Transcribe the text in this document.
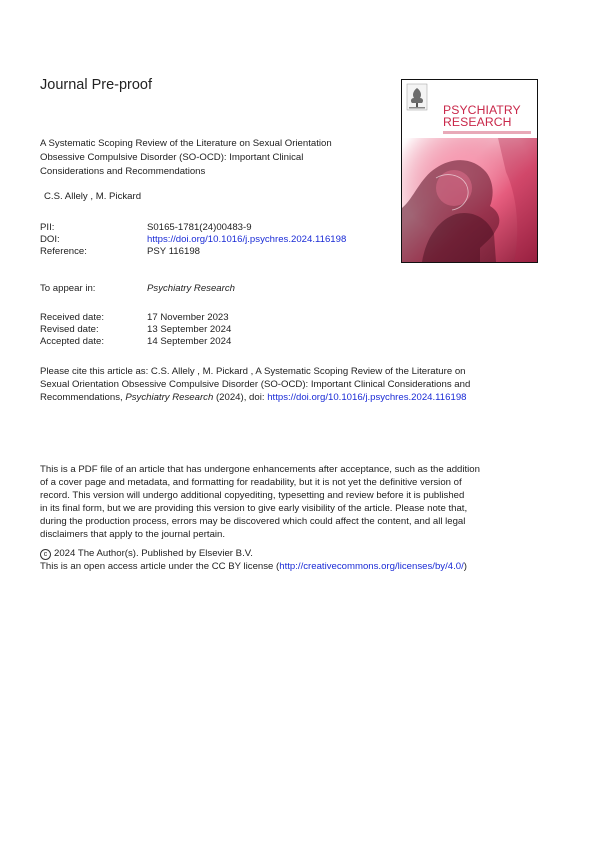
Journal Pre-proof
A Systematic Scoping Review of the Literature on Sexual Orientation
Obsessive Compulsive Disorder (SO-OCD): Important Clinical
Considerations and Recommendations
C.S. Allely , M. Pickard
PII:	S0165-1781(24)00483-9
DOI:	https://doi.org/10.1016/j.psychres.2024.116198
Reference:	PSY 116198
To appear in:	Psychiatry Research
Received date:	17 November 2023
Revised date:	13 September 2024
Accepted date:	14 September 2024
Please cite this article as: C.S. Allely , M. Pickard , A Systematic Scoping Review of the Literature on
Sexual Orientation Obsessive Compulsive Disorder (SO-OCD): Important Clinical Considerations and
Recommendations, Psychiatry Research (2024), doi: https://doi.org/10.1016/j.psychres.2024.116198
This is a PDF file of an article that has undergone enhancements after acceptance, such as the addition
of a cover page and metadata, and formatting for readability, but it is not yet the definitive version of
record. This version will undergo additional copyediting, typesetting and review before it is published
in its final form, but we are providing this version to give early visibility of the article. Please note that,
during the production process, errors may be discovered which could affect the content, and all legal
disclaimers that apply to the journal pertain.
c 2024 The Author(s). Published by Elsevier B.V.
This is an open access article under the CC BY license (http://creativecommons.org/licenses/by/4.0/)
PSYCHIATRY
RESEARCH
